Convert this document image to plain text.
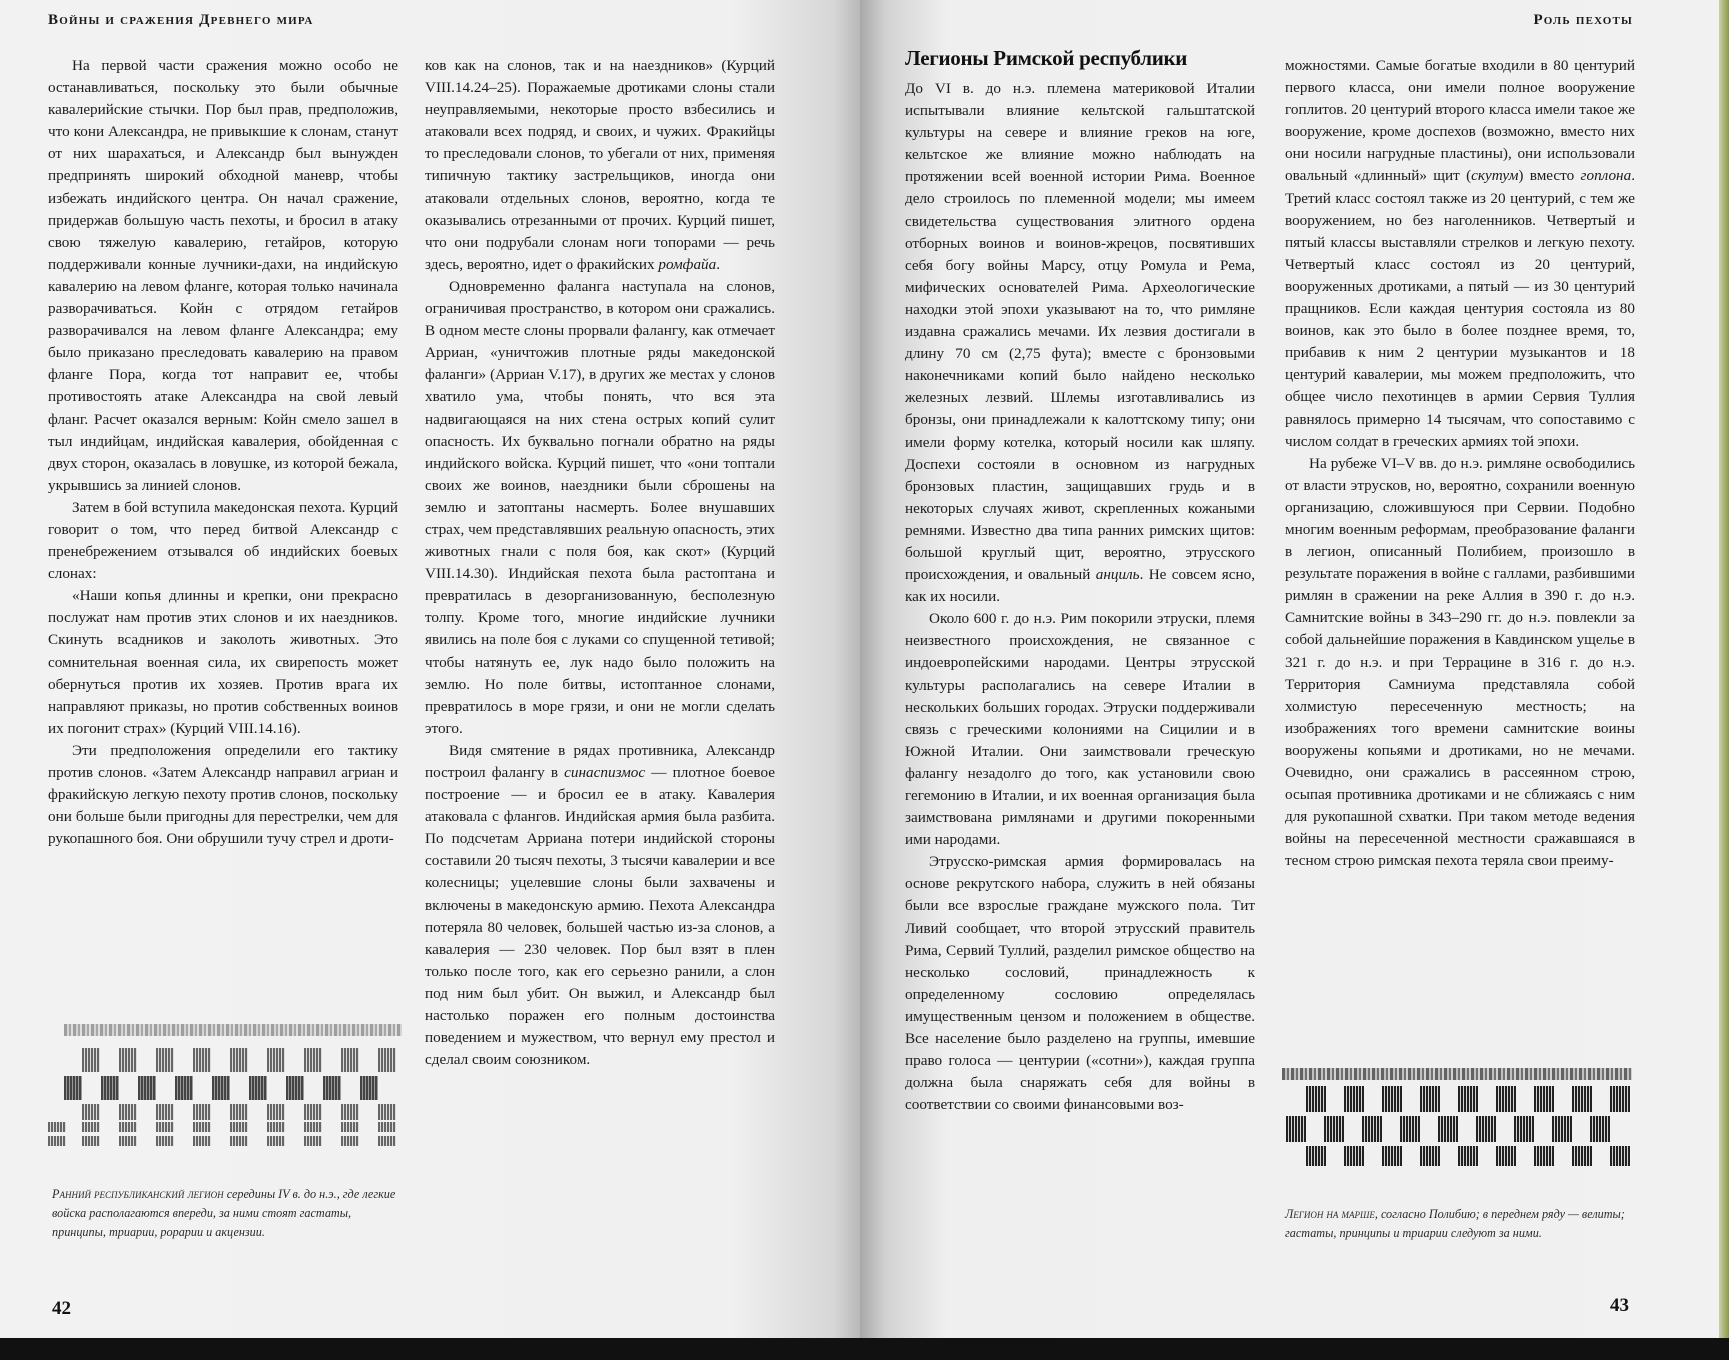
Войны и сражения Древнего мира

На первой части сражения можно особо не останавливаться, поскольку это были обычные кавалерийские стычки. Пор был прав, предположив, что кони Александра, не привыкшие к слонам, станут от них шарахаться, и Александр был вынужден предпринять широкий обходной маневр, чтобы избежать индийского центра. Он начал сражение, придержав большую часть пехоты, и бросил в атаку свою тяжелую кавалерию, гетайров, которую поддерживали конные лучники-дахи, на индийскую кавалерию на левом фланге, которая только начинала разворачиваться. Койн с отрядом гетайров разворачивался на левом фланге Александра; ему было приказано преследовать кавалерию на правом фланге Пора, когда тот направит ее, чтобы противостоять атаке Александра на свой левый фланг. Расчет оказался верным: Койн смело зашел в тыл индийцам, индийская кавалерия, обойденная с двух сторон, оказалась в ловушке, из которой бежала, укрывшись за линией слонов.

Затем в бой вступила македонская пехота. Курций говорит о том, что перед битвой Александр с пренебрежением отзывался об индийских боевых слонах:

«Наши копья длинны и крепки, они прекрасно послужат нам против этих слонов и их наездников. Скинуть всадников и заколоть животных. Это сомнительная военная сила, их свирепость может обернуться против их хозяев. Против врага их направляют приказы, но против собственных воинов их погонит страх» (Курций VIII.14.16).

Эти предположения определили его тактику против слонов. «Затем Александр направил агриан и фракийскую легкую пехоту против слонов, поскольку они больше были пригодны для перестрелки, чем для рукопашного боя. Они обрушили тучу стрел и дроти-

ков как на слонов, так и на наездников» (Курций VIII.14.24–25). Поражаемые дротиками слоны стали неуправляемыми, некоторые просто взбесились и атаковали всех подряд, и своих, и чужих. Фракийцы то преследовали слонов, то убегали от них, применяя типичную тактику застрельщиков, иногда они атаковали отдельных слонов, вероятно, когда те оказывались отрезанными от прочих. Курций пишет, что они подрубали слонам ноги топорами — речь здесь, вероятно, идет о фракийских ромфайа.

Одновременно фаланга наступала на слонов, ограничивая пространство, в котором они сражались. В одном месте слоны прорвали фалангу, как отмечает Арриан, «уничтожив плотные ряды македонской фаланги» (Арриан V.17), в других же местах у слонов хватило ума, чтобы понять, что вся эта надвигающаяся на них стена острых копий сулит опасность. Их буквально погнали обратно на ряды индийского войска. Курций пишет, что «они топтали своих же воинов, наездники были сброшены на землю и затоптаны насмерть. Более внушавших страх, чем представлявших реальную опасность, этих животных гнали с поля боя, как скот» (Курций VIII.14.30). Индийская пехота была растоптана и превратилась в дезорганизованную, бесполезную толпу. Кроме того, многие индийские лучники явились на поле боя с луками со спущенной тетивой; чтобы натянуть ее, лук надо было положить на землю. Но поле битвы, истоптанное слонами, превратилось в море грязи, и они не могли сделать этого.

Видя смятение в рядах противника, Александр построил фалангу в синаспизмос — плотное боевое построение — и бросил ее в атаку. Кавалерия атаковала с флангов. Индийская армия была разбита. По подсчетам Арриана потери индийской стороны составили 20 тысяч пехоты, 3 тысячи кавалерии и все колесницы; уцелевшие слоны были захвачены и включены в македонскую армию. Пехота Александра потеряла 80 человек, большей частью из-за слонов, а кавалерия — 230 человек. Пор был взят в плен только после того, как его серьезно ранили, а слон под ним был убит. Он выжил, и Александр был настолько поражен его полным достоинства поведением и мужеством, что вернул ему престол и сделал своим союзником.

Ранний республиканский легион середины IV в. до н.э., где легкие войска располагаются впереди, за ними стоят гастаты, принципы, триарии, рорарии и акцензии.
42
Роль пехоты
Легионы Римской республики

До VI в. до н.э. племена материковой Италии испытывали влияние кельтской гальштатской культуры на севере и влияние греков на юге, кельтское же влияние можно наблюдать на протяжении всей военной истории Рима. Военное дело строилось по племенной модели; мы имеем свидетельства существования элитного ордена отборных воинов и воинов-жрецов, посвятивших себя богу войны Марсу, отцу Ромула и Рема, мифических основателей Рима. Археологические находки этой эпохи указывают на то, что римляне издавна сражались мечами. Их лезвия достигали в длину 70 см (2,75 фута); вместе с бронзовыми наконечниками копий было найдено несколько железных лезвий. Шлемы изготавливались из бронзы, они принадлежали к калоттскому типу; они имели форму котелка, который носили как шляпу. Доспехи состояли в основном из нагрудных бронзовых пластин, защищавших грудь и в некоторых случаях живот, скрепленных кожаными ремнями. Известно два типа ранних римских щитов: большой круглый щит, вероятно, этрусского происхождения, и овальный анциль. Не совсем ясно, как их носили.

Около 600 г. до н.э. Рим покорили этруски, племя неизвестного происхождения, не связанное с индоевропейскими народами. Центры этрусской культуры располагались на севере Италии в нескольких больших городах. Этруски поддерживали связь с греческими колониями на Сицилии и в Южной Италии. Они заимствовали греческую фалангу незадолго до того, как установили свою гегемонию в Италии, и их военная организация была заимствована римлянами и другими покоренными ими народами.

Этрусско-римская армия формировалась на основе рекрутского набора, служить в ней обязаны были все взрослые граждане мужского пола. Тит Ливий сообщает, что второй этрусский правитель Рима, Сервий Туллий, разделил римское общество на несколько сословий, принадлежность к определенному сословию определялась имущественным цензом и положением в обществе. Все население было разделено на группы, имевшие право голоса — центурии («сотни»), каждая группа должна была снаряжать себя для войны в соответствии со своими финансовыми воз-

можностями. Самые богатые входили в 80 центурий первого класса, они имели полное вооружение гоплитов. 20 центурий второго класса имели такое же вооружение, кроме доспехов (возможно, вместо них они носили нагрудные пластины), они использовали овальный «длинный» щит (скутум) вместо гоплона. Третий класс состоял также из 20 центурий, с тем же вооружением, но без наголенников. Четвертый и пятый классы выставляли стрелков и легкую пехоту. Четвертый класс состоял из 20 центурий, вооруженных дротиками, а пятый — из 30 центурий пращников. Если каждая центурия состояла из 80 воинов, как это было в более позднее время, то, прибавив к ним 2 центурии музыкантов и 18 центурий кавалерии, мы можем предположить, что общее число пехотинцев в армии Сервия Туллия равнялось примерно 14 тысячам, что сопоставимо с числом солдат в греческих армиях той эпохи.

На рубеже VI–V вв. до н.э. римляне освободились от власти этрусков, но, вероятно, сохранили военную организацию, сложившуюся при Сервии. Подобно многим военным реформам, преобразование фаланги в легион, описанный Полибием, произошло в результате поражения в войне с галлами, разбившими римлян в сражении на реке Аллия в 390 г. до н.э. Самнитские войны в 343–290 гг. до н.э. повлекли за собой дальнейшие поражения в Кавдинском ущелье в 321 г. до н.э. и при Террацине в 316 г. до н.э. Территория Самниума представляла собой холмистую пересеченную местность; на изображениях того времени самнитские воины вооружены копьями и дротиками, но не мечами. Очевидно, они сражались в рассеянном строю, осыпая противника дротиками и не сближаясь с ним для рукопашной схватки. При таком методе ведения войны на пересеченной местности сражавшаяся в тесном строю римская пехота теряла свои преиму-

Легион на марше, согласно Полибию; в переднем ряду — велиты; гастаты, принципы и триарии следуют за ними.
43
